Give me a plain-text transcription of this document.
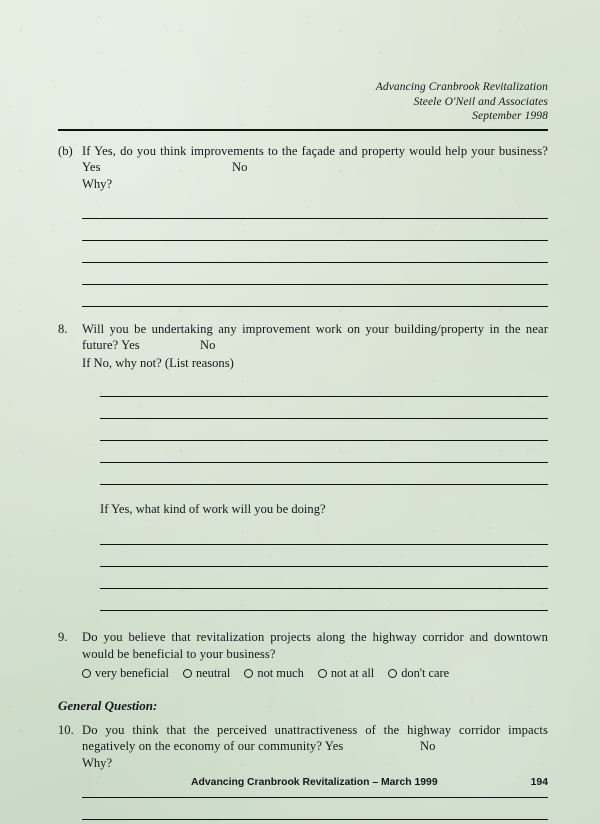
Advancing Cranbrook Revitalization
Steele O'Neil and Associates
September 1998
(b) If Yes, do you think improvements to the façade and property would help your business? Yes	No
Why?
8.	Will you be undertaking any improvement work on your building/property in the near future? Yes	No
If No, why not? (List reasons)
If Yes, what kind of work will you be doing?
9.	Do you believe that revitalization projects along the highway corridor and downtown would be beneficial to your business?
very beneficial neutral not much not at all don't care
General Question:
10. Do you think that the perceived unattractiveness of the highway corridor impacts negatively on the economy of our community? Yes	No
Why?
Advancing Cranbrook Revitalization – March 1999	194
